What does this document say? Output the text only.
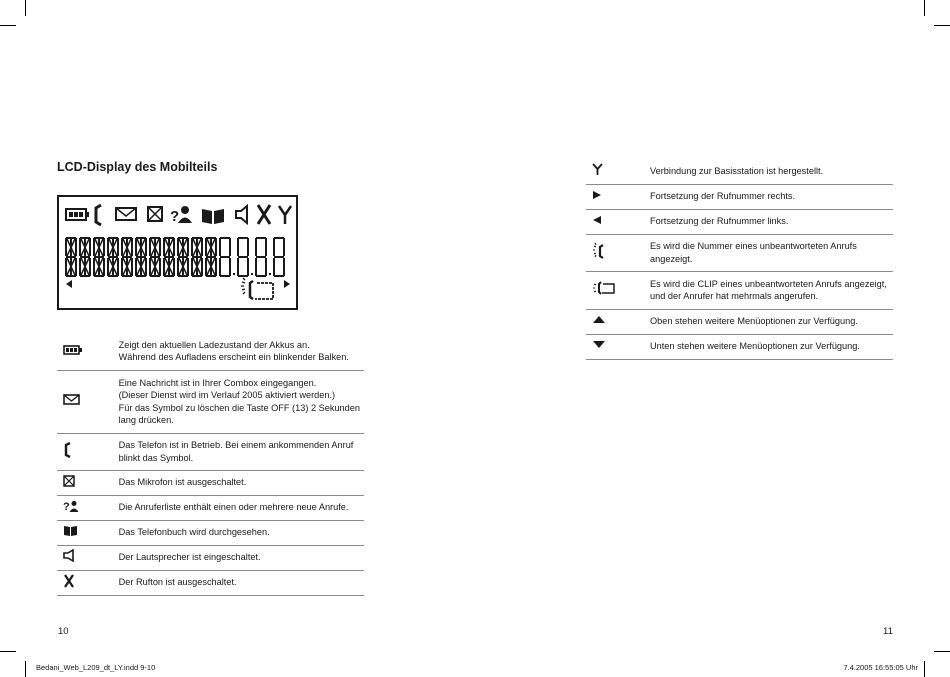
LCD-Display des Mobilteils
?

Zeigt den aktuellen Ladezustand der Akkus an.
Während des Aufladens erscheint ein blinkender Balken.

Eine Nachricht ist in Ihrer Combox eingegangen.
(Dieser Dienst wird im Verlauf 2005 aktiviert werden.)
Für das Symbol zu löschen die Taste OFF (13) 2 Sekunden
lang drücken.

Das Telefon ist in Betrieb. Bei einem ankommenden Anruf
blinkt das Symbol.

Das Mikrofon ist ausgeschaltet.

?	Die Anruferliste enthält einen oder mehrere neue Anrufe.

Das Telefonbuch wird durchgesehen.

Der Lautsprecher ist eingeschaltet.

Der Rufton ist ausgeschaltet.

Verbindung zur Basisstation ist hergestellt.

Fortsetzung der Rufnummer rechts.

Fortsetzung der Rufnummer links.

Es wird die Nummer eines unbeantworteten Anrufs
angezeigt.

Es wird die CLIP eines unbeantworteten Anrufs angezeigt,
und der Anrufer hat mehrmals angerufen.

Oben stehen weitere Menüoptionen zur Verfügung.

Unten stehen weitere Menüoptionen zur Verfügung.
10	11
Bedani_Web_L209_dt_LY.indd 9-10	7.4.2005 16:55:05 Uhr
